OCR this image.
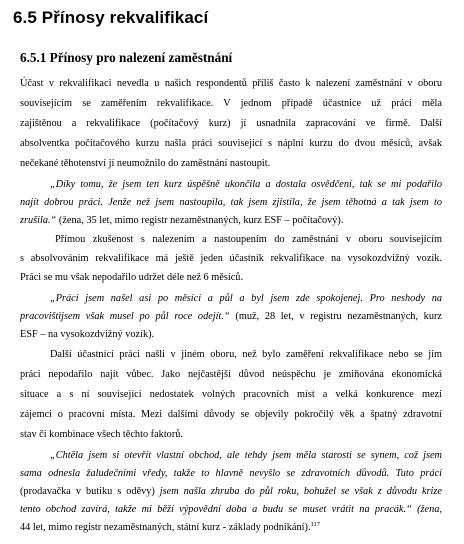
6.5 Přínosy rekvalifikací
6.5.1 Přínosy pro nalezení zaměstnání
Účast v rekvalifikaci nevedla u našich respondentů příliš často k nalezení zaměstnání v oboru
souvisejícím se zaměřením rekvalifikace. V jednom případě účastnice už práci měla
zajištěnou a rekvalifikace (počítačový kurz) jí usnadnila zapracování ve firmě. Další
absolventka počítačového kurzu našla práci související s náplní kurzu do dvou měsíců, avšak
nečekané těhotenství jí neumožnilo do zaměstnání nastoupit.
„Díky tomu, že jsem ten kurz úspěšně ukončila a dostala osvědčení, tak se mi podařilo
najít dobrou práci. Jenže než jsem nastoupila, tak jsem zjistila, že jsem těhotná a tak jsem to
zrušila.“ (žena, 35 let, mimo registr nezaměstnaných, kurz ESF – počítačový).
Přímou zkušenost s nalezením a nastoupením do zaměstnání v oboru souvisejícím
s absolvováním rekvalifikace má ještě jeden účastník rekvalifikace na vysokozdvižný vozík.
Práci se mu však nepodařilo udržet déle než 6 měsíců.
„Práci jsem našel asi po měsíci a půl a byl jsem zde spokojenej. Pro neshody na
pracovištìjsem však musel po půl roce odejít.“ (muž, 28 let, v registru nezaměstnaných, kurz
ESF – na vysokozdvižný vozík).
Další účastníci práci našli v jiném oboru, než bylo zaměření rekvalifikace nebo se jim
práci nepodařilo najít vůbec. Jako nejčastější důvod neúspěchu je zmiňována ekonomická
situace a s ní související nedostatek volných pracovních míst a velká konkurence mezi
zájemci o pracovní místa. Mezi dalšími důvody se objevily pokročilý věk a špatný zdravotní
stav či kombinace všech těchto faktorů.
„Chtěla jsem si otevřít vlastní obchod, ale tehdy jsem měla starosti se synem, což jsem
sama odnesla žaludečními vředy, takže to hlavně nevyšlo se zdravotních důvodů. Tuto práci
(prodavačka v butiku s oděvy) jsem našla zhruba do půl roku, bohužel se však z důvodu krize
tento obchod zavírá, takže mi běží výpovědní doba a budu se muset vrátit na pracák.“ (žena,
44 let, mimo registr nezaměstnaných, státní kurz - základy podnikání).$^{117}$
